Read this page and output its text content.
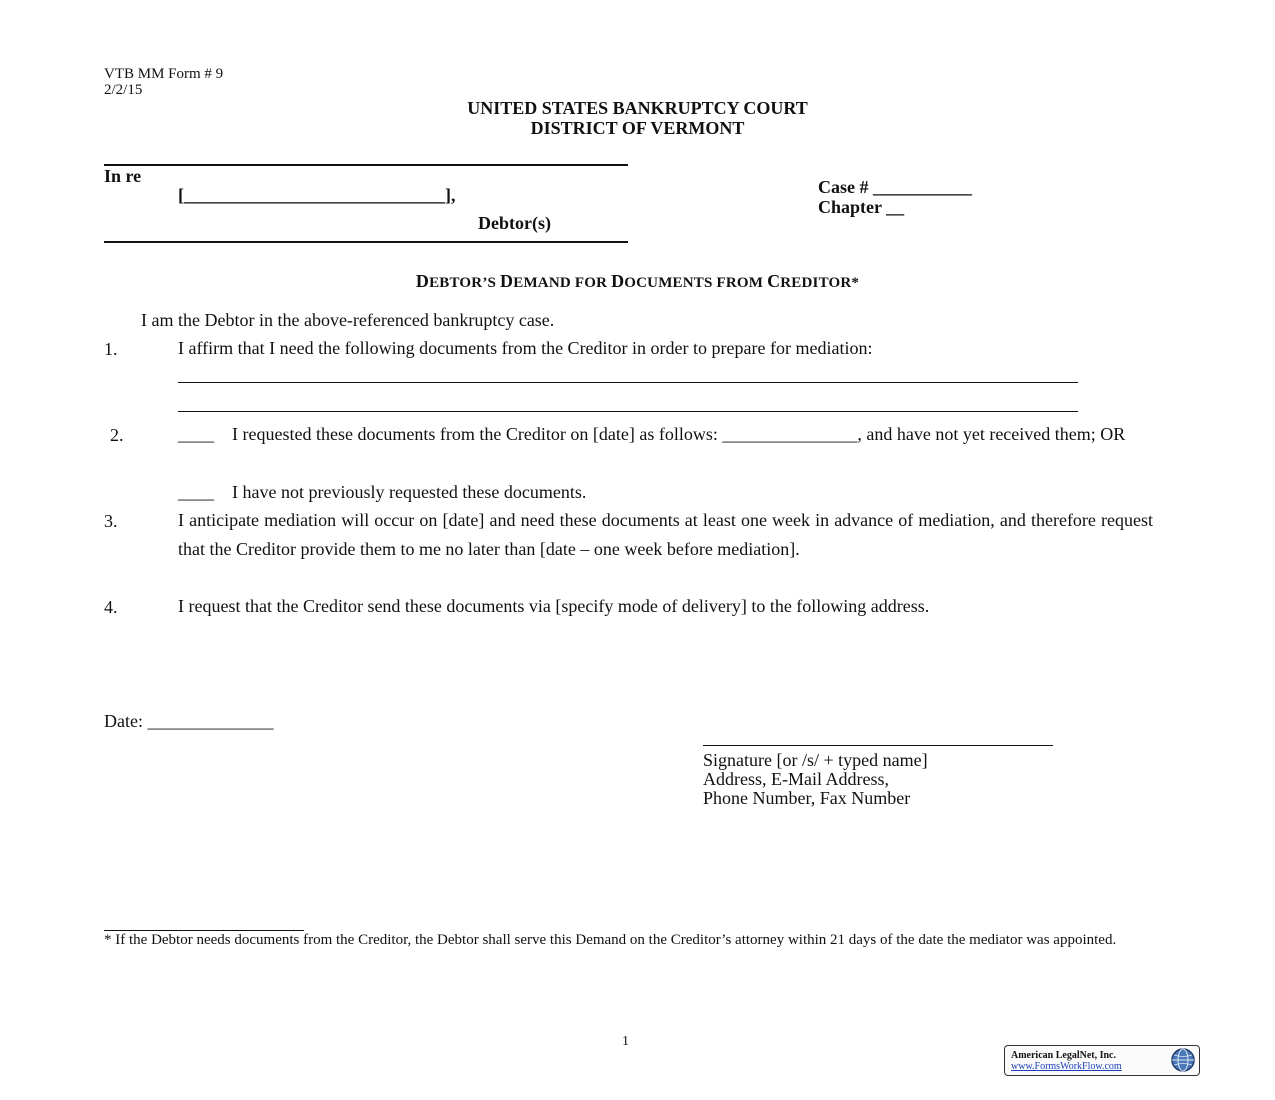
VTB MM Form # 9
2/2/15
UNITED STATES BANKRUPTCY COURT
DISTRICT OF VERMONT
In re
[_____________________________],
Debtor(s)
Case # ___________
Chapter __
DEBTOR’S DEMAND FOR DOCUMENTS FROM CREDITOR*
I am the Debtor in the above-referenced bankruptcy case.
1.	I affirm that I need the following documents from the Creditor in order to prepare for mediation:
2.	____ I requested these documents from the Creditor on [date] as follows: _______________, and have not yet received them; OR
____ I have not previously requested these documents.
3.	I anticipate mediation will occur on [date] and need these documents at least one week in advance of mediation, and therefore request that the Creditor provide them to me no later than [date – one week before mediation].
4.	I request that the Creditor send these documents via [specify mode of delivery] to the following address.
Date: ______________
Signature [or /s/ + typed name]
Address, E-Mail Address,
Phone Number, Fax Number
* If the Debtor needs documents from the Creditor, the Debtor shall serve this Demand on the Creditor’s attorney within 21 days of the date the mediator was appointed.
1
American LegalNet, Inc.
www.FormsWorkFlow.com
